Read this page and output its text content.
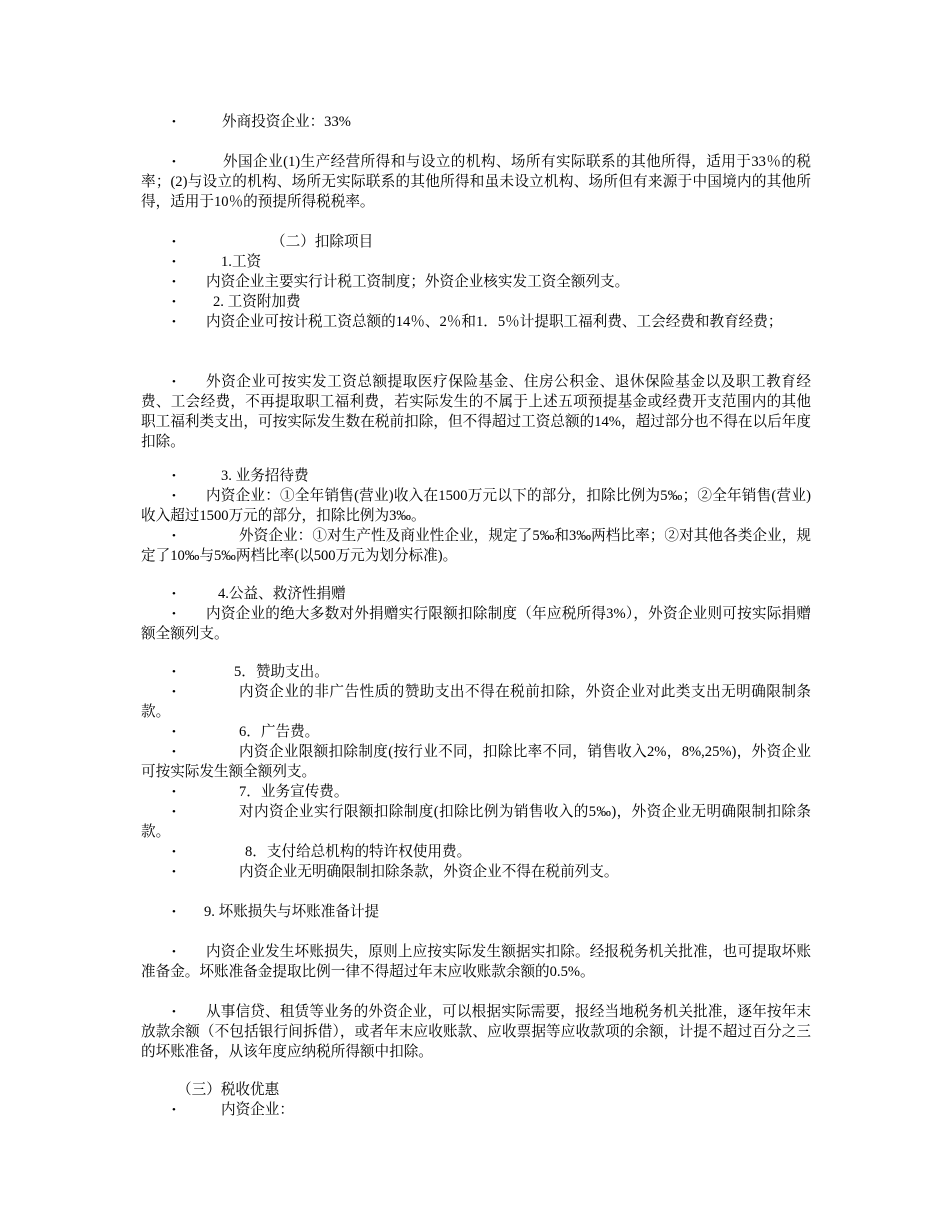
•	外商投资企业：33%
•	外国企业(1)生产经营所得和与设立的机构、场所有实际联系的其他所得，适用于33％的税率；(2)与设立的机构、场所无实际联系的其他所得和虽未设立机构、场所但有来源于中国境内的其他所得，适用于10％的预提所得税税率。
•	（二）扣除项目
•	1.工资
•	内资企业主要实行计税工资制度；外资企业核实发工资全额列支。
•	2. 工资附加费
•	内资企业可按计税工资总额的14％、2％和1．5％计提职工福利费、工会经费和教育经费；
•	外资企业可按实发工资总额提取医疗保险基金、住房公积金、退休保险基金以及职工教育经费、工会经费，不再提取职工福利费，若实际发生的不属于上述五项预提基金或经费开支范围内的其他职工福利类支出，可按实际发生数在税前扣除，但不得超过工资总额的14%，超过部分也不得在以后年度扣除。
•	3. 业务招待费
•	内资企业：①全年销售(营业)收入在1500万元以下的部分，扣除比例为5‰；②全年销售(营业)收入超过1500万元的部分，扣除比例为3‰。
•	外资企业：①对生产性及商业性企业，规定了5‰和3‰两档比率；②对其他各类企业，规定了10‰与5‰两档比率(以500万元为划分标准)。
•	4.公益、救济性捐赠
•	内资企业的绝大多数对外捐赠实行限额扣除制度（年应税所得3%），外资企业则可按实际捐赠额全额列支。
•	5．赞助支出。
•	内资企业的非广告性质的赞助支出不得在税前扣除，外资企业对此类支出无明确限制条款。
•	6．广告费。
•	内资企业限额扣除制度(按行业不同，扣除比率不同，销售收入2%，8%,25%)，外资企业可按实际发生额全额列支。
•	7．业务宣传费。
•	对内资企业实行限额扣除制度(扣除比例为销售收入的5‰)，外资企业无明确限制扣除条款。
•	8．支付给总机构的特许权使用费。
•	内资企业无明确限制扣除条款，外资企业不得在税前列支。
•	9. 坏账损失与坏账准备计提
•	内资企业发生坏账损失，原则上应按实际发生额据实扣除。经报税务机关批准，也可提取坏账准备金。坏账准备金提取比例一律不得超过年末应收账款余额的0.5%。
•	从事信贷、租赁等业务的外资企业，可以根据实际需要，报经当地税务机关批准，逐年按年末放款余额（不包括银行间拆借），或者年末应收账款、应收票据等应收款项的余额，计提不超过百分之三的坏账准备，从该年度应纳税所得额中扣除。
（三）税收优惠
•	内资企业：
